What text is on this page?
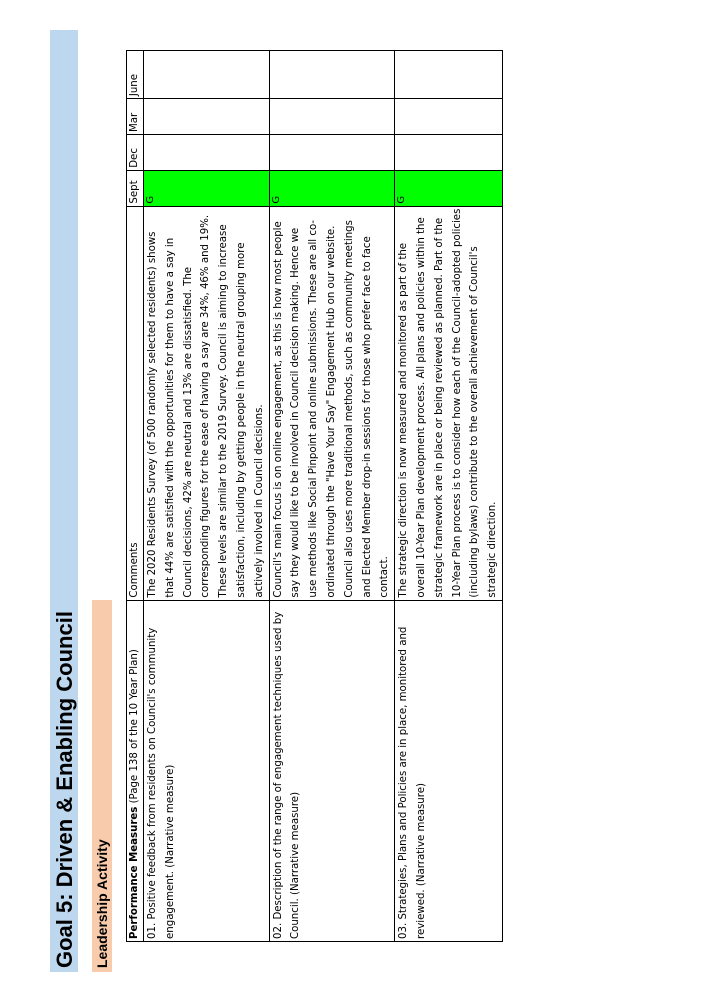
Goal 5: Driven & Enabling Council Leadership Activity Performance Measures (Page 138 of the 10 Year Plan)	Comments	Sept	Dec	Mar	June
01. Positive feedback from residents on Council's community engagement. (Narrative measure)	The 2020 Residents Survey (of 500 randomly selected residents) shows that 44% are satisfied with the opportunities for them to have a say in Council decisions, 42% are neutral and 13% are dissatisfied. The corresponding figures for the ease of having a say are 34%, 46% and 19%. These levels are similar to the 2019 Survey. Council is aiming to increase satisfaction, including by getting people in the neutral grouping more actively involved in Council decisions.	G			
02. Description of the range of engagement techniques used by Council. (Narrative measure)	Council's main focus is on online engagement, as this is how most people say they would like to be involved in Council decision making. Hence we use methods like Social Pinpoint and online submissions. These are all co-ordinated through the "Have Your Say" Engagement Hub on our website. Council also uses more traditional methods, such as community meetings and Elected Member drop-in sessions for those who prefer face to face contact.	G			
03. Strategies, Plans and Policies are in place, monitored and reviewed. (Narrative measure)	The strategic direction is now measured and monitored as part of the overall 10-Year Plan development process. All plans and policies within the strategic framework are in place or being reviewed as planned. Part of the 10-Year Plan process is to consider how each of the Council-adopted policies (including bylaws) contribute to the overall achievement of Council's strategic direction.	G			
